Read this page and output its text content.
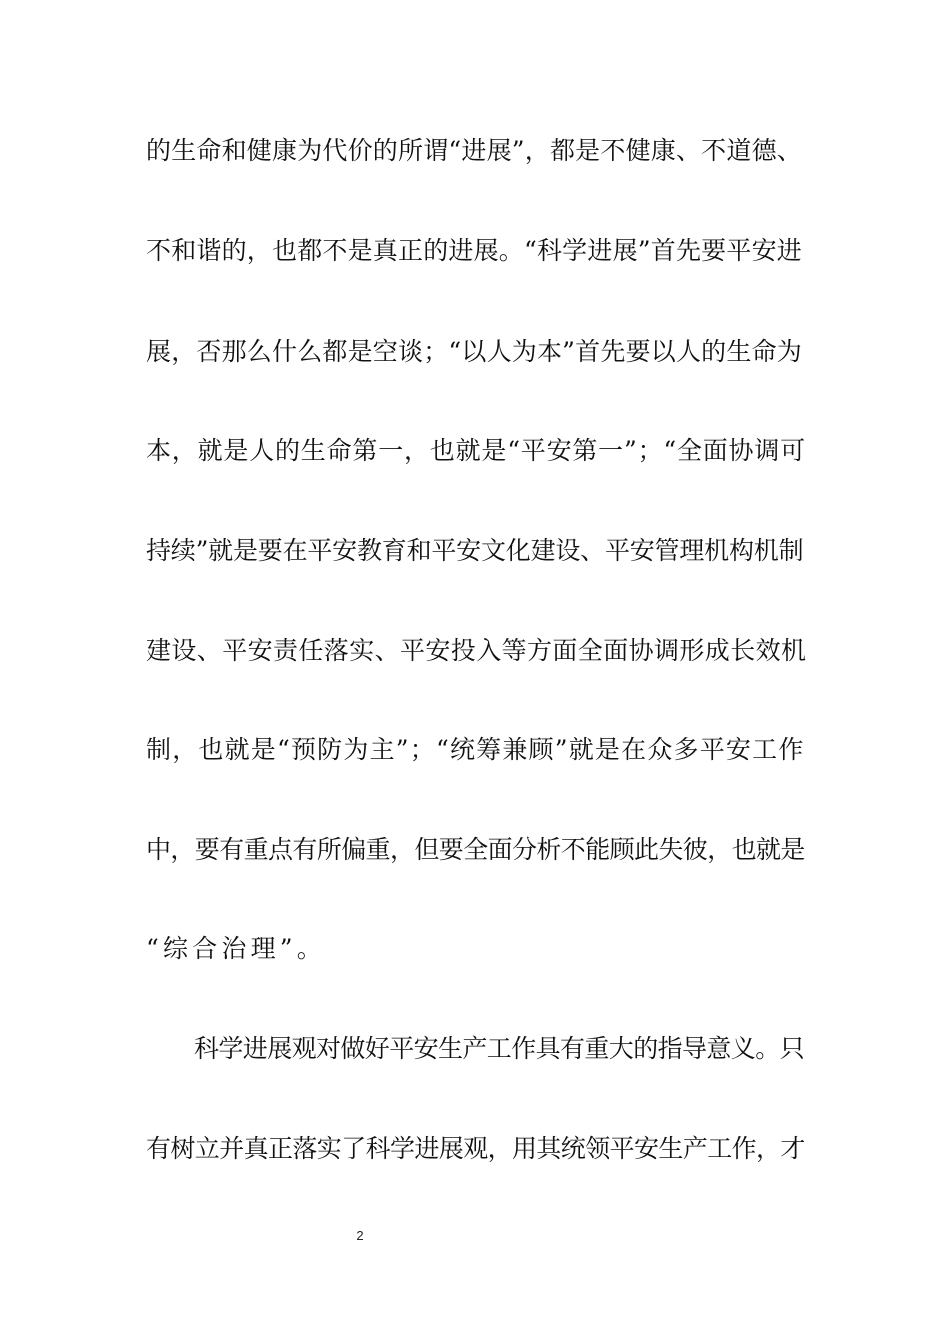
的生命和健康为代价的所谓“进展”，都是不健康、不道德、
不和谐的，也都不是真正的进展。“科学进展”首先要平安进
展，否那么什么都是空谈；“以人为本”首先要以人的生命为
本，就是人的生命第一，也就是“平安第一”；“全面协调可
持续”就是要在平安教育和平安文化建设、平安管理机构机制
建设、平安责任落实、平安投入等方面全面协调形成长效机
制，也就是“预防为主”；“统筹兼顾”就是在众多平安工作
中，要有重点有所偏重，但要全面分析不能顾此失彼，也就是
“综合治理”。
科学进展观对做好平安生产工作具有重大的指导意义。只
有树立并真正落实了科学进展观，用其统领平安生产工作，才
2
